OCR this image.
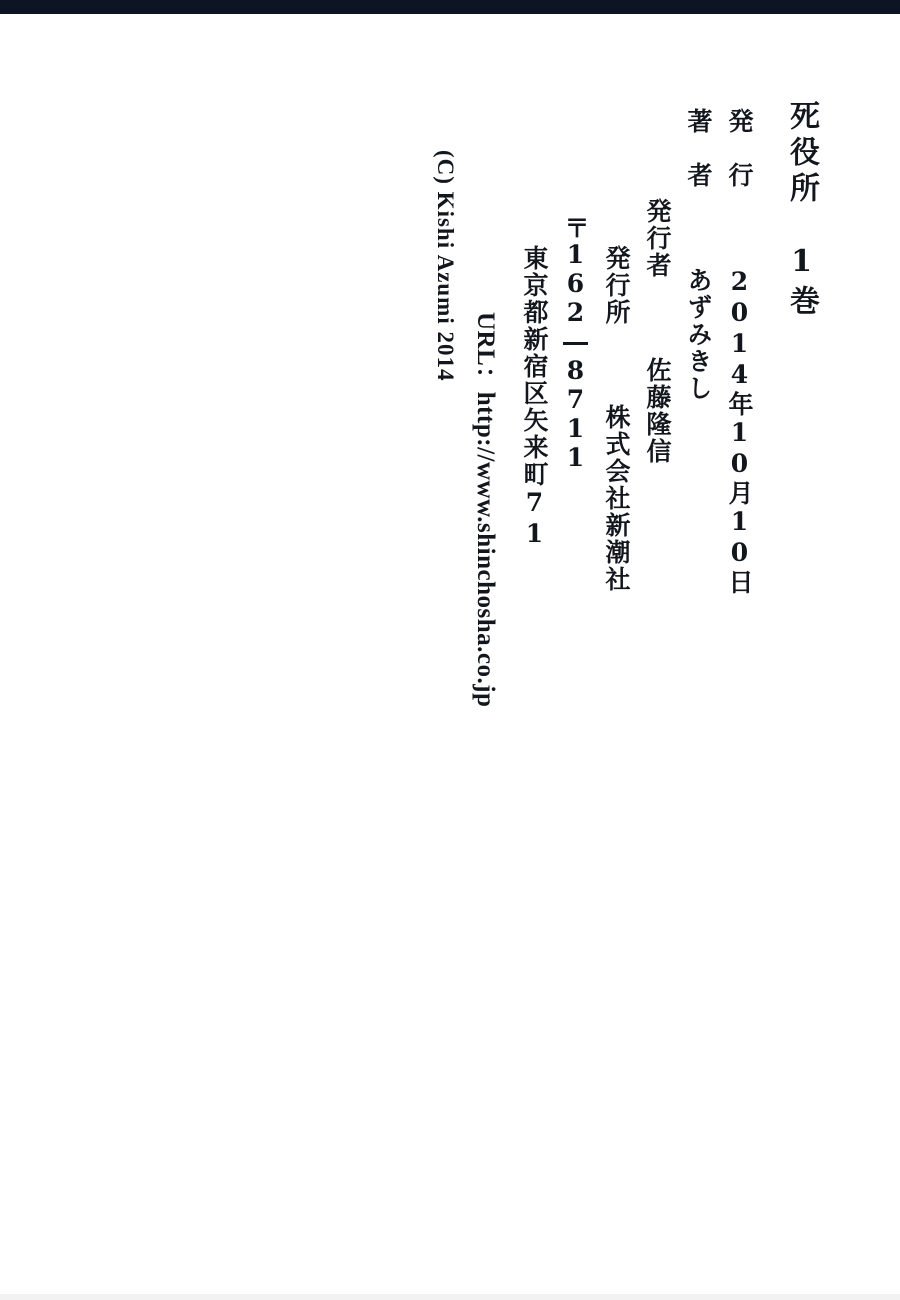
死役所　1巻
発　行  2014年10月10日
著　者  あずみきし
発行者  佐藤隆信
発行所  株式会社新潮社
〒162―8711
東京都新宿区矢来町71
URL：http://www.shinchosha.co.jp
(C) Kishi Azumi 2014
